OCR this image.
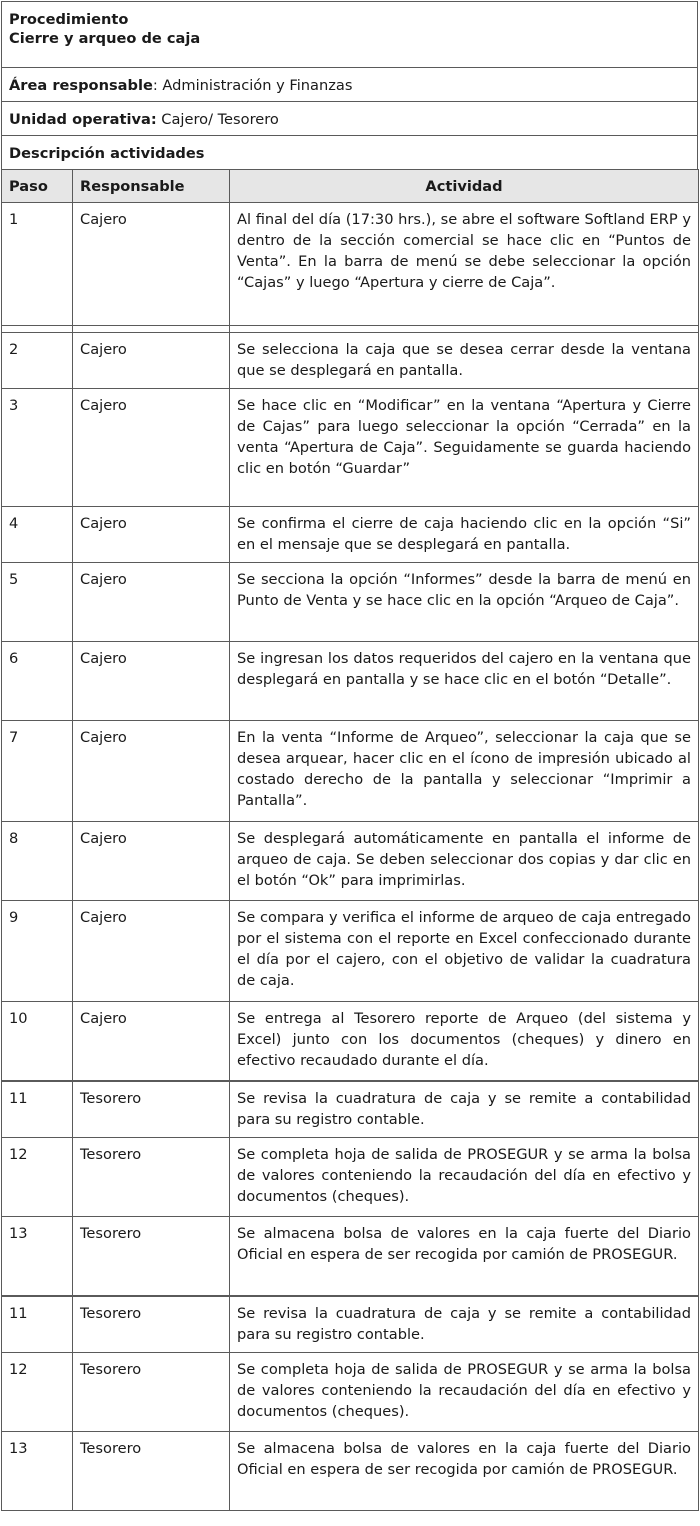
Procedimiento
Cierre y arqueo de caja
Área responsable: Administración y Finanzas
Unidad operativa: Cajero/ Tesorero
Descripción actividades
Paso	Responsable	Actividad
1	Cajero	Al final del día (17:30 hrs.), se abre el software Softland ERP y dentro de la sección comercial se hace clic en “Puntos de Venta”. En la barra de menú se debe seleccionar la opción “Cajas” y luego “Apertura y cierre de Caja”.

2	Cajero	Se selecciona la caja que se desea cerrar desde la ventana que se desplegará en pantalla.
3	Cajero	Se hace clic en “Modificar” en la ventana “Apertura y Cierre de Cajas” para luego seleccionar la opción “Cerrada” en la venta “Apertura de Caja”. Seguidamente se guarda haciendo clic en botón “Guardar”
4	Cajero	Se confirma el cierre de caja haciendo clic en la opción “Si” en el mensaje que se desplegará en pantalla.
5	Cajero	Se secciona la opción “Informes” desde la barra de menú en Punto de Venta y se hace clic en la opción “Arqueo de Caja”.
6	Cajero	Se ingresan los datos requeridos del cajero en la ventana que desplegará en pantalla y se hace clic en el botón “Detalle”.
7	Cajero	En la venta “Informe de Arqueo”, seleccionar la caja que se desea arquear, hacer clic en el ícono de impresión ubicado al costado derecho de la pantalla y seleccionar “Imprimir a Pantalla”.
8	Cajero	Se desplegará automáticamente en pantalla el informe de arqueo de caja. Se deben seleccionar dos copias y dar clic en el botón “Ok” para imprimirlas.
9	Cajero	Se compara y verifica el informe de arqueo de caja entregado por el sistema con el reporte en Excel confeccionado durante el día por el cajero, con el objetivo de validar la cuadratura de caja.
10	Cajero	Se entrega al Tesorero reporte de Arqueo (del sistema y Excel) junto con los documentos (cheques) y dinero en efectivo recaudado durante el día.
11	Tesorero	Se revisa la cuadratura de caja y se remite a contabilidad para su registro contable.
12	Tesorero	Se completa hoja de salida de PROSEGUR y se arma la bolsa de valores conteniendo la recaudación del día en efectivo y documentos (cheques).
13	Tesorero	Se almacena bolsa de valores en la caja fuerte del Diario Oficial en espera de ser recogida por camión de PROSEGUR.
11	Tesorero	Se revisa la cuadratura de caja y se remite a contabilidad para su registro contable.
12	Tesorero	Se completa hoja de salida de PROSEGUR y se arma la bolsa de valores conteniendo la recaudación del día en efectivo y documentos (cheques).
13	Tesorero	Se almacena bolsa de valores en la caja fuerte del Diario Oficial en espera de ser recogida por camión de PROSEGUR.
